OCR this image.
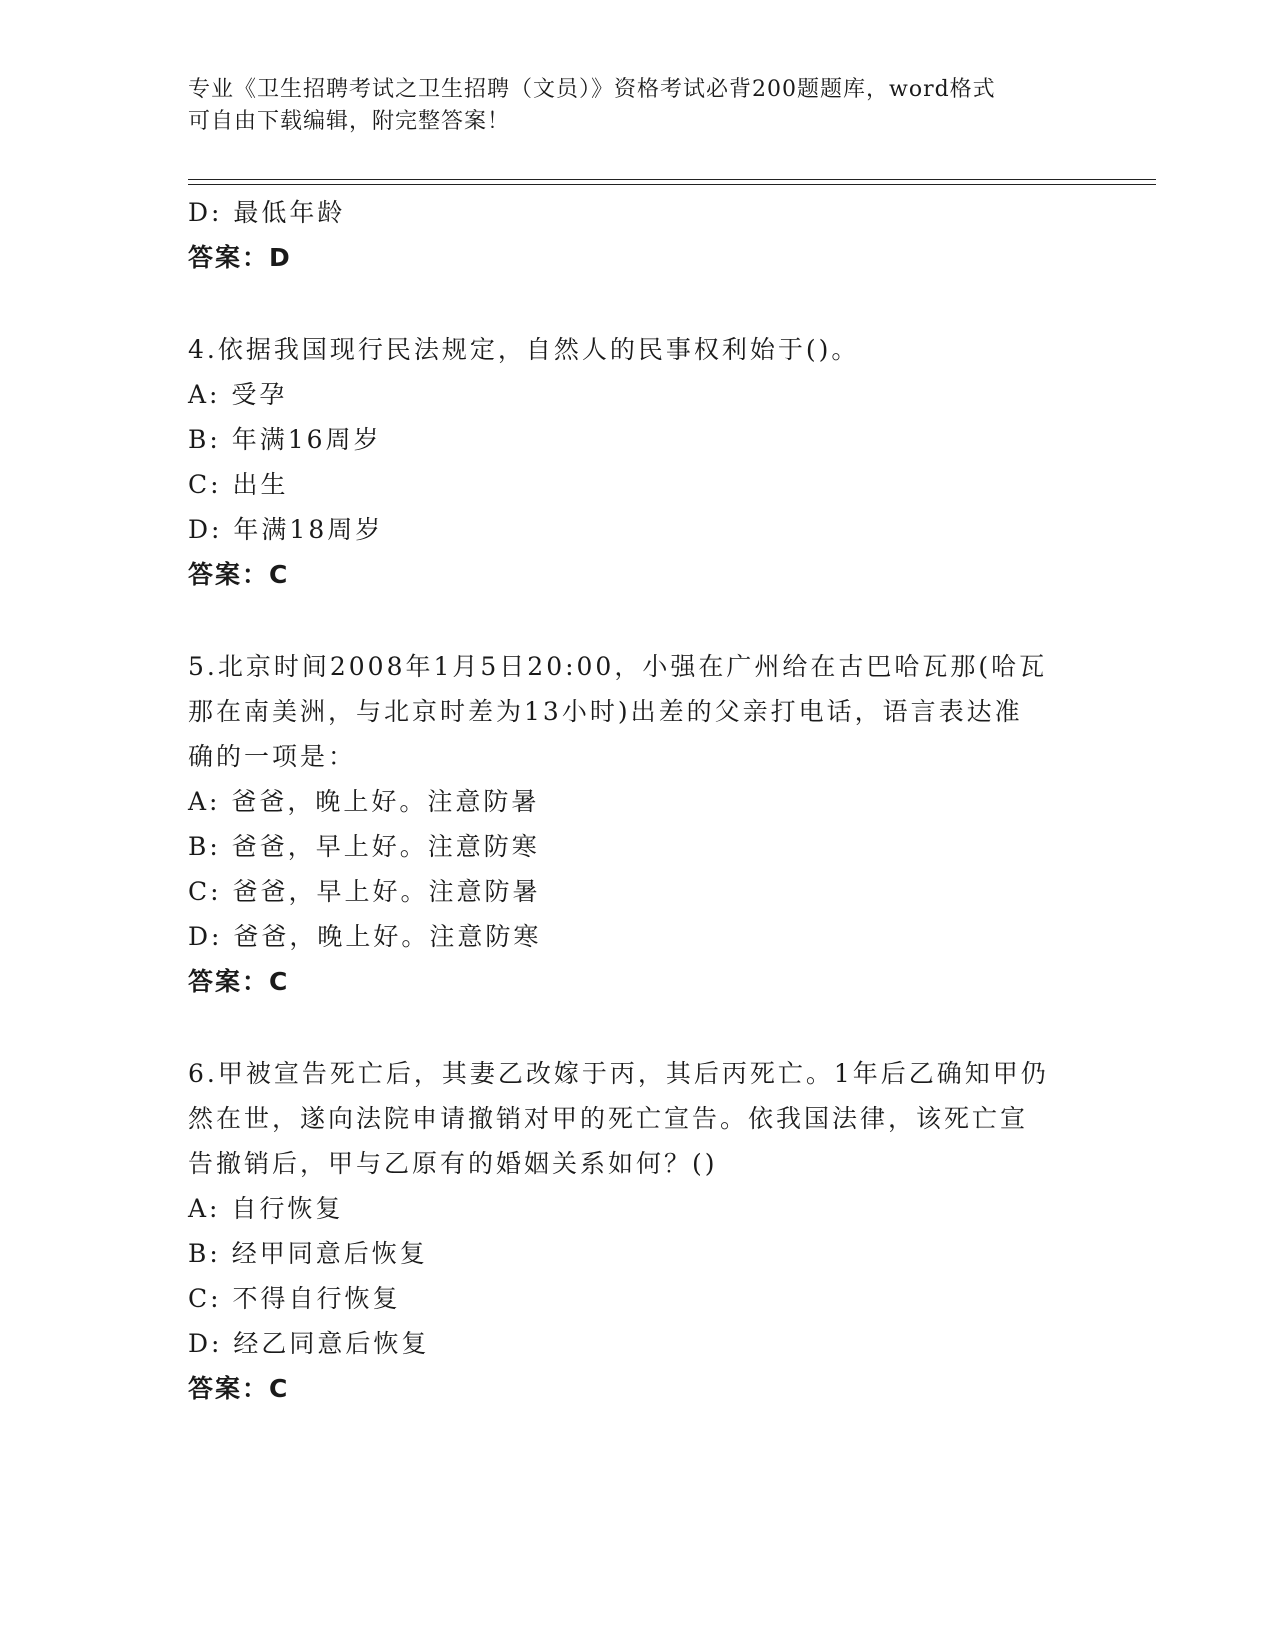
专业《卫生招聘考试之卫生招聘（文员）》资格考试必背200题题库，word格式
可自由下载编辑，附完整答案！
D: 最低年龄
答案：D
4.依据我国现行民法规定，自然人的民事权利始于()。
A: 受孕
B: 年满16周岁
C: 出生
D: 年满18周岁
答案：C
5.北京时间2008年1月5日20:00，小强在广州给在古巴哈瓦那(哈瓦
那在南美洲，与北京时差为13小时)出差的父亲打电话，语言表达准
确的一项是：
A: 爸爸，晚上好。注意防暑
B: 爸爸，早上好。注意防寒
C: 爸爸，早上好。注意防暑
D: 爸爸，晚上好。注意防寒
答案：C
6.甲被宣告死亡后，其妻乙改嫁于丙，其后丙死亡。1年后乙确知甲仍
然在世，遂向法院申请撤销对甲的死亡宣告。依我国法律，该死亡宣
告撤销后，甲与乙原有的婚姻关系如何？()
A: 自行恢复
B: 经甲同意后恢复
C: 不得自行恢复
D: 经乙同意后恢复
答案：C
